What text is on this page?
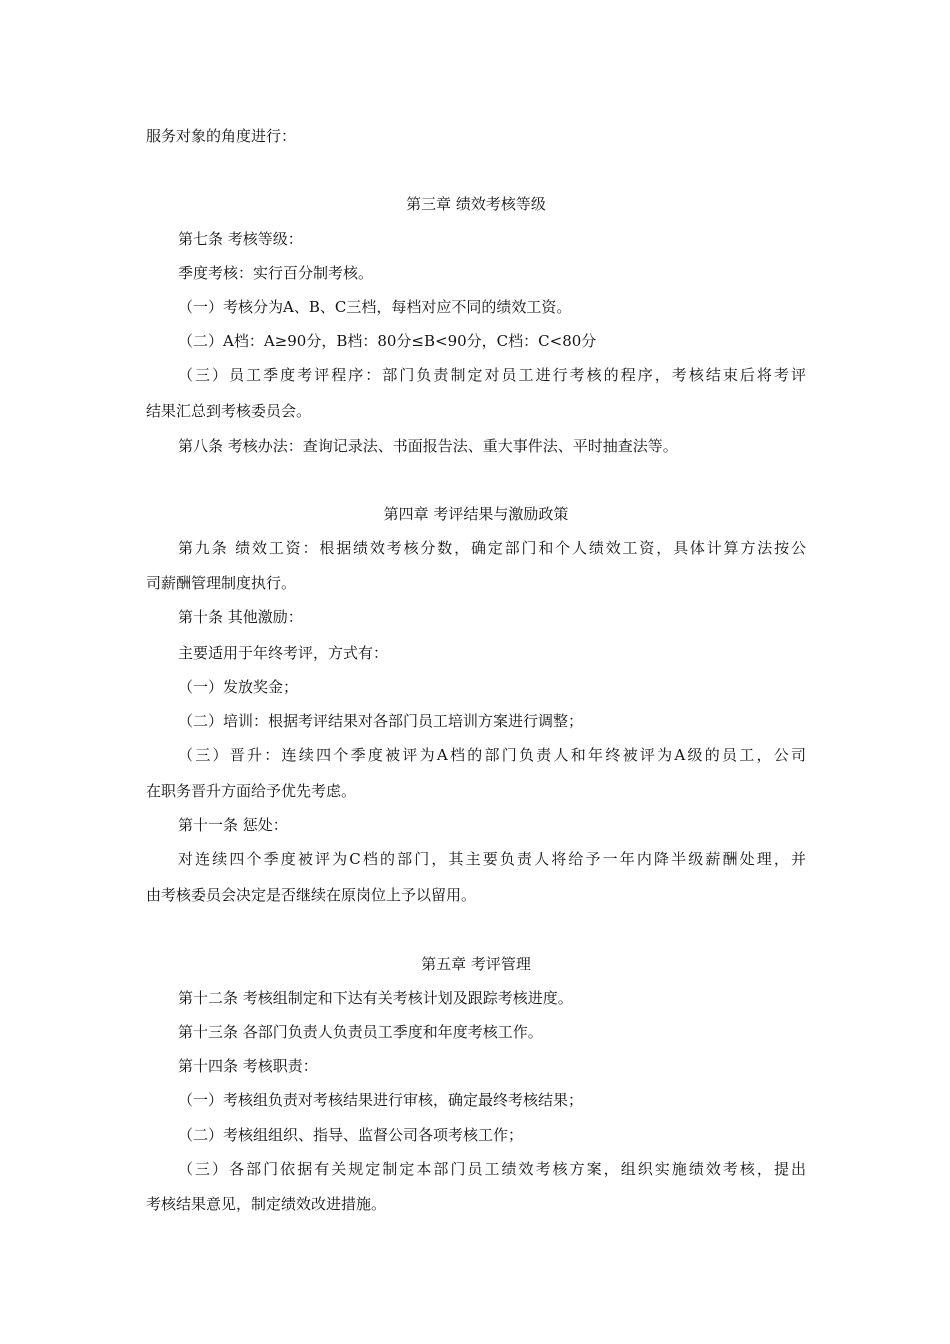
服务对象的角度进行：
第三章 绩效考核等级
第七条 考核等级：
季度考核：实行百分制考核。
（一）考核分为A、B、C三档，每档对应不同的绩效工资。
（二）A档：A≥90分，B档：80分≤B<90分，C档：C<80分
（三）员工季度考评程序：部门负责制定对员工进行考核的程序，考核结束后将考评
结果汇总到考核委员会。
第八条 考核办法：查询记录法、书面报告法、重大事件法、平时抽查法等。
第四章 考评结果与激励政策
第九条 绩效工资：根据绩效考核分数，确定部门和个人绩效工资，具体计算方法按公
司薪酬管理制度执行。
第十条 其他激励：
主要适用于年终考评，方式有：
（一）发放奖金；
（二）培训：根据考评结果对各部门员工培训方案进行调整；
（三）晋升：连续四个季度被评为A档的部门负责人和年终被评为A级的员工，公司
在职务晋升方面给予优先考虑。
第十一条 惩处：
对连续四个季度被评为C档的部门，其主要负责人将给予一年内降半级薪酬处理，并
由考核委员会决定是否继续在原岗位上予以留用。
第五章 考评管理
第十二条 考核组制定和下达有关考核计划及跟踪考核进度。
第十三条 各部门负责人负责员工季度和年度考核工作。
第十四条 考核职责：
（一）考核组负责对考核结果进行审核，确定最终考核结果；
（二）考核组组织、指导、监督公司各项考核工作；
（三）各部门依据有关规定制定本部门员工绩效考核方案，组织实施绩效考核，提出
考核结果意见，制定绩效改进措施。
